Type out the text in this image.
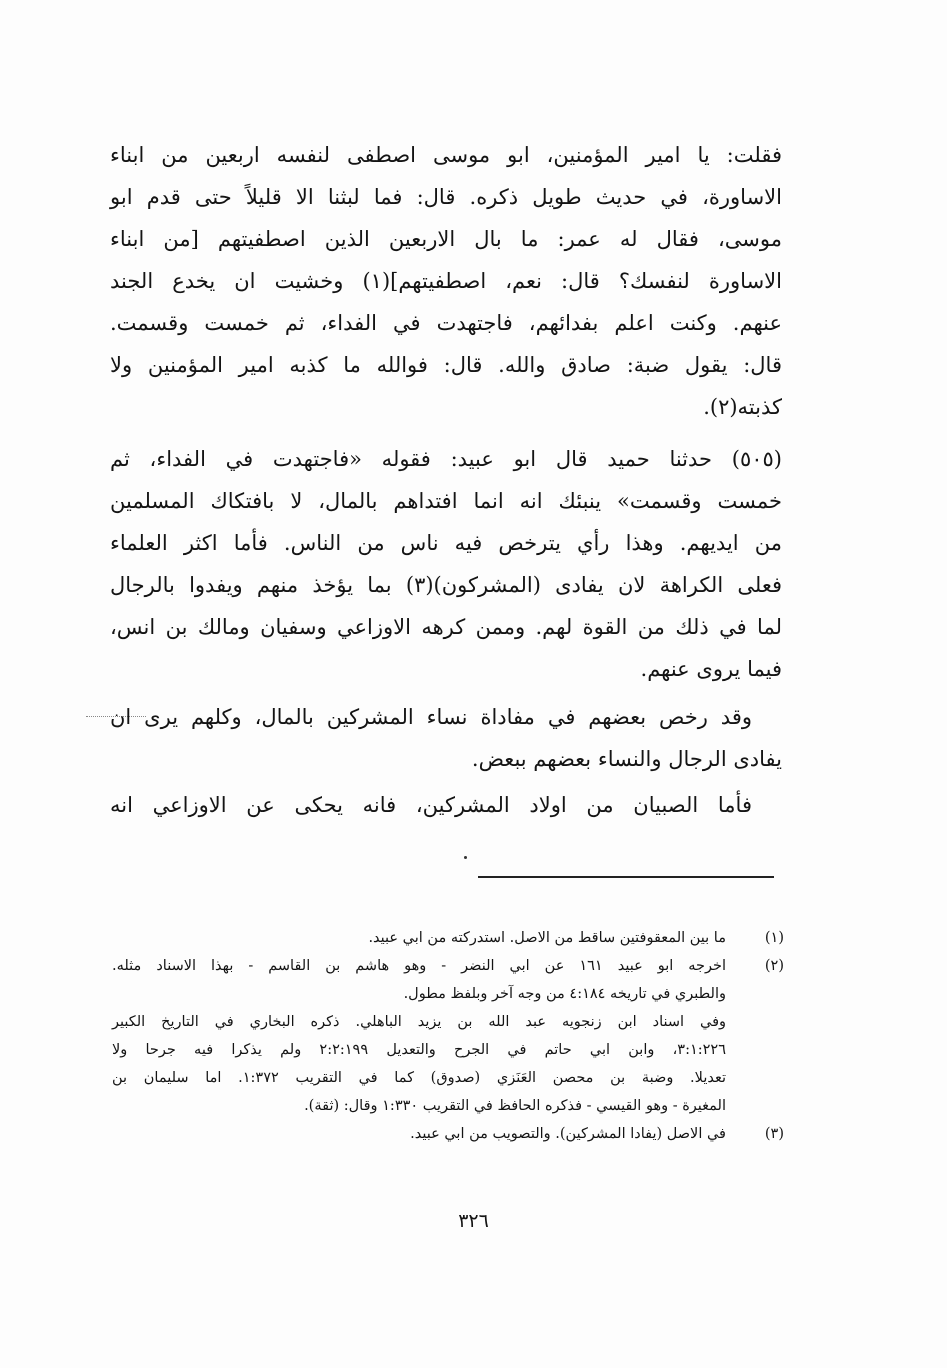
فقلت: يا امير المؤمنين، ابو موسى اصطفى لنفسه اربعين من ابناء
الاساورة، في حديث طويل ذكره. قال: فما لبثنا الا قليلاً حتى قدم ابو
موسى، فقال له عمر: ما بال الاربعين الذين اصطفيتهم [من ابناء
الاساورة لنفسك؟ قال: نعم، اصطفيتهم](١) وخشيت ان يخدع الجند
عنهم. وكنت اعلم بفدائهم، فاجتهدت في الفداء، ثم خمست وقسمت.
قال: يقول ضبة: صادق والله. قال: فوالله ما كذبه امير المؤمنين ولا
كذبته(٢).
(٥٠٥) حدثنا حميد قال ابو عبيد: فقوله «فاجتهدت في الفداء، ثم
خمست وقسمت» ينبئك انه انما افتداهم بالمال، لا بافتكاك المسلمين
من ايديهم. وهذا رأي يترخص فيه ناس من الناس. فأما اكثر العلماء
فعلى الكراهة لان يفادى (المشركون)(٣) بما يؤخذ منهم ويفدوا بالرجال
لما في ذلك من القوة لهم. وممن كرهه الاوزاعي وسفيان ومالك بن انس،
فيما يروى عنهم.
وقد رخص بعضهم في مفاداة نساء المشركين بالمال، وكلهم يرى ان
يفادى الرجال والنساء بعضهم ببعض.
فأما الصبيان من اولاد المشركين، فانه يحكى عن الاوزاعي انه
(١)
ما بين المعقوفتين ساقط من الاصل. استدركته من ابي عبيد.
(٢)
اخرجه ابو عبيد ١٦١ عن ابي النضر - وهو هاشم بن القاسم - بهذا الاسناد مثله.
والطبري في تاريخه ٤:١٨٤ من وجه آخر وبلفظ مطول.
وفي اسناد ابن زنجويه عبد الله بن يزيد الباهلي. ذكره البخاري في التاريخ الكبير
٣:١:٢٢٦، وابن ابي حاتم في الجرح والتعديل ٢:٢:١٩٩ ولم يذكرا فيه جرحا ولا
تعديلا. وضبة بن محصن العَنَزي (صدوق) كما في التقريب ١:٣٧٢. اما سليمان بن
المغيرة - وهو القيسي - فذكره الحافظ في التقريب ١:٣٣٠ وقال: (ثقة).
(٣)
في الاصل (يفادا المشركين). والتصويب من ابي عبيد.
٣٢٦
